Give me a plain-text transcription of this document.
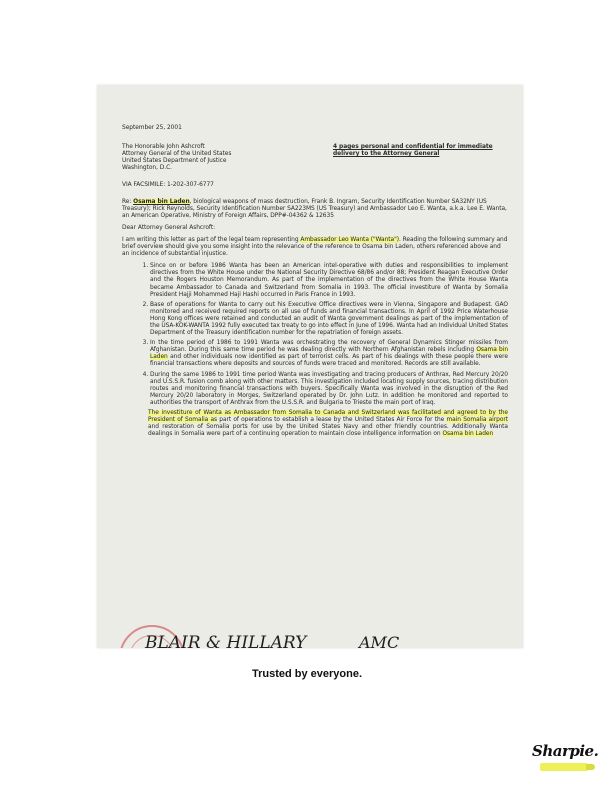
September 25, 2001

The Honorable John Ashcroft
Attorney General of the United States
United States Department of Justice
Washington, D.C.
4 pages personal and confidential for immediate delivery to the Attorney General

VIA FACSIMILE: 1-202-307-6777

Re: Osama bin Laden, biological weapons of mass destruction, Frank B. Ingram, Security Identification Number SA32NY (US Treasury); Rick Reynolds, Security Identification Number SA223MS (US Treasury) and Ambassador Leo E. Wanta, a.k.a. Lee E. Wanta, an American Operative, Ministry of Foreign Affairs, DPP#-04362 & 12635

Dear Attorney General Ashcroft:

I am writing this letter as part of the legal team representing Ambassador Leo Wanta ("Wanta"). Reading the following summary and brief overview should give you some insight into the relevance of the reference to Osama bin Laden, others referenced above and an incidence of substantial injustice.

1. Since on or before 1986 Wanta has been an American intel-operative with duties and responsibilities to implement directives from the White House under the National Security Directive 68/86 and/or 88; President Reagan Executive Order and the Rogers Houston Memorandum. As part of the implementation of the directives from the White House Wanta became Ambassador to Canada and Switzerland from Somalia in 1993. The official investiture of Wanta by Somalia President Hajji Mohammed Haji Hashi occurred in Paris France in 1993.
2. Base of operations for Wanta to carry out his Executive Office directives were in Vienna, Singapore and Budapest. GAO monitored and received required reports on all use of funds and financial transactions. In April of 1992 Price Waterhouse Hong Kong offices were retained and conducted an audit of Wanta government dealings as part of the implementation of the USA-KOK-WANTA 1992 fully executed tax treaty to go into effect in June of 1996. Wanta had an Individual United States Department of the Treasury identification number for the repatriation of foreign assets.
3. In the time period of 1986 to 1991 Wanta was orchestrating the recovery of General Dynamics Stinger missiles from Afghanistan. During this same time period he was dealing directly with Northern Afghanistan rebels including Osama bin Laden and other individuals now identified as part of terrorist cells. As part of his dealings with these people there were financial transactions where deposits and sources of funds were traced and monitored. Records are still available.
4. During the same 1986 to 1991 time period Wanta was investigating and tracing producers of Anthrax, Red Mercury 20/20 and U.S.S.R. fusion comb along with other matters. This investigation included locating supply sources, tracing distribution routes and monitoring financial transactions with buyers. Specifically Wanta was involved in the disruption of the Red Mercury 20/20 laboratory in Morges, Switzerland operated by Dr. John Lutz. In addition he monitored and reported to authorities the transport of Anthrax from the U.S.S.R. and Bulgaria to Trieste the main port of Iraq.

The investiture of Wanta as Ambassador from Somalia to Canada and Switzerland was facilitated and agreed to by the President of Somalia as part of operations to establish a lease by the United States Air Force for the main Somalia airport and restoration of Somalia ports for use by the United States Navy and other friendly countries. Additionally Wanta dealings in Somalia were part of a continuing operation to maintain close intelligence information on Osama bin Laden

BLAIR & HILLARY	AMC
Trusted by everyone.
Sharpie.
